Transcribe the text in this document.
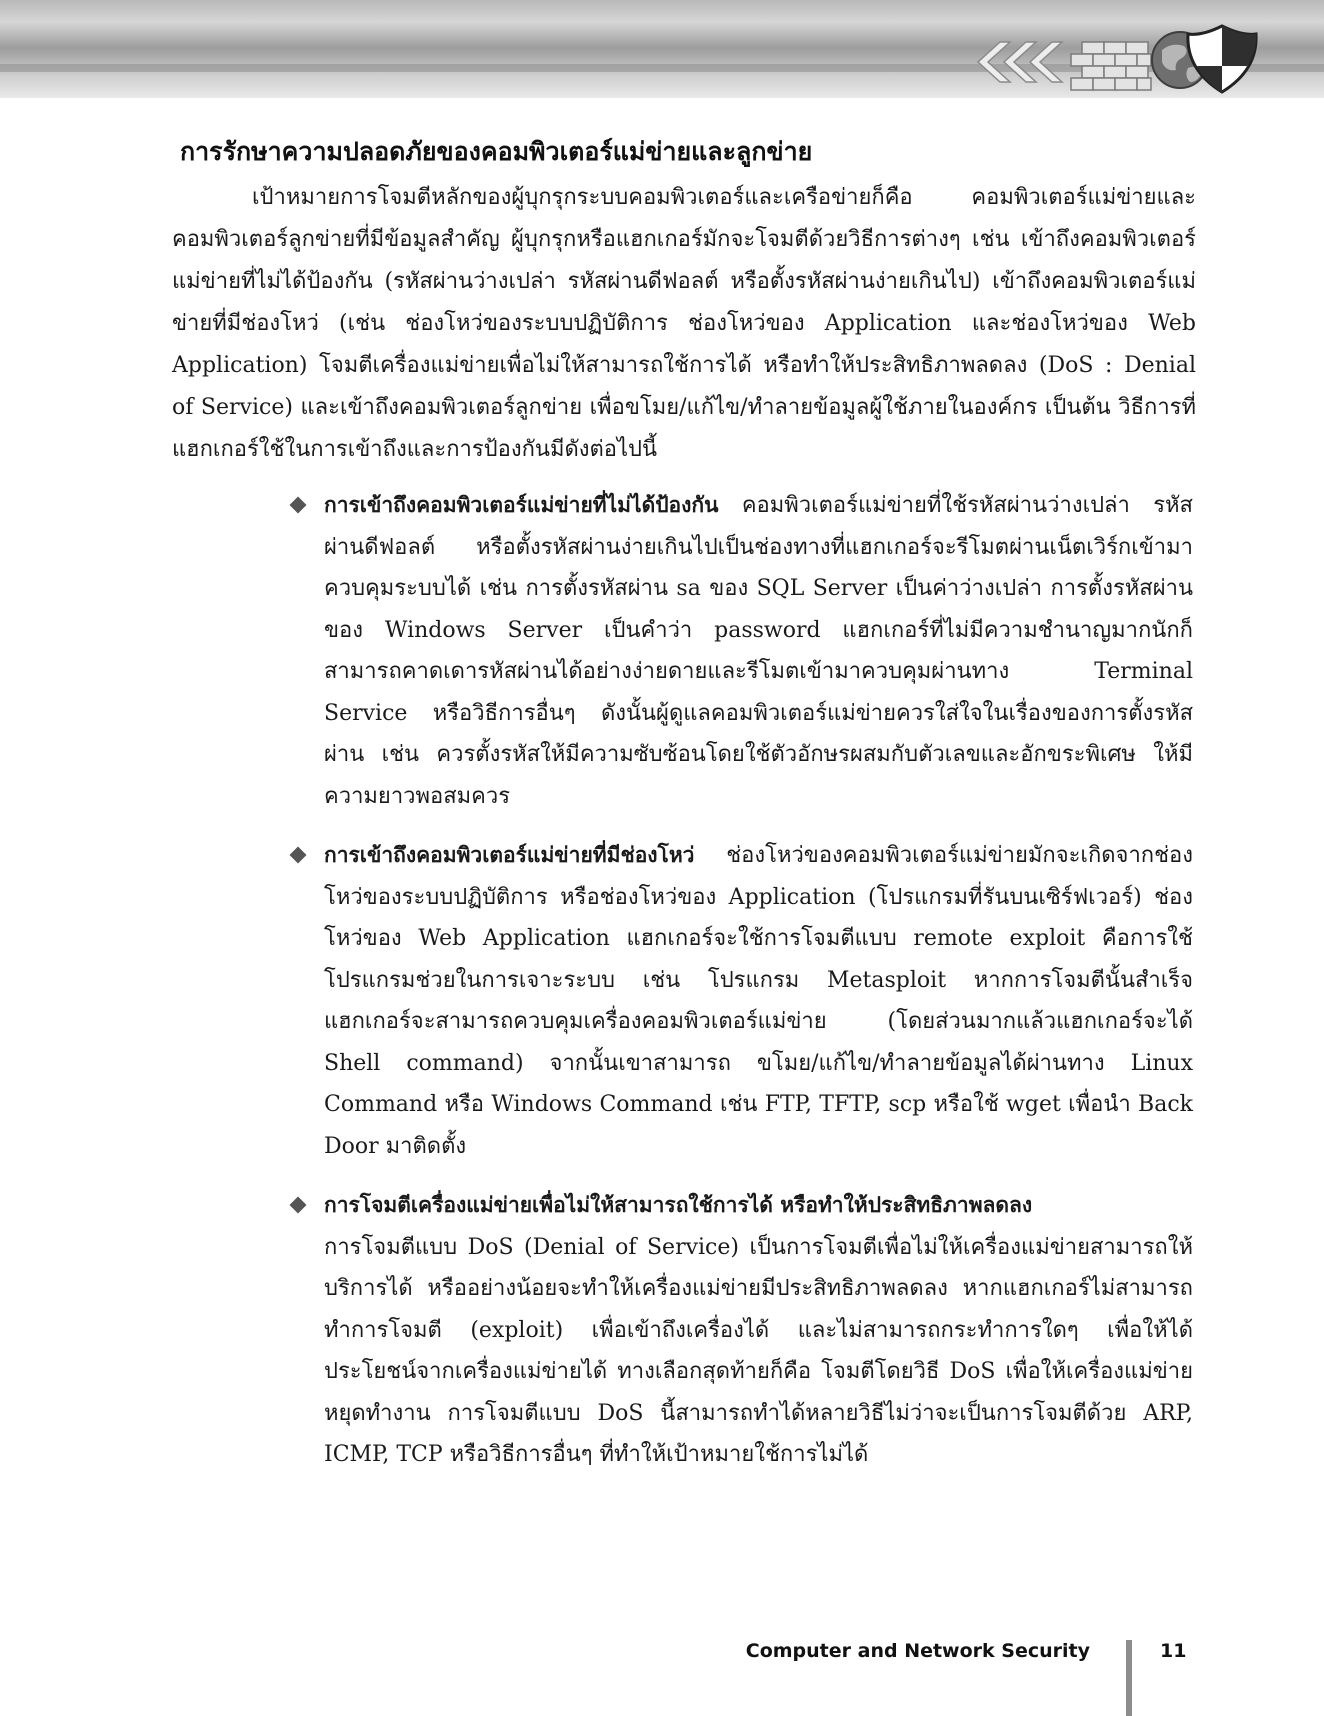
การรักษาความปลอดภัยของคอมพิวเตอร์แม่ข่ายและลูกข่าย

เป้าหมายการโจมตีหลักของผู้บุกรุกระบบคอมพิวเตอร์และเครือข่ายก็คือ คอมพิวเตอร์แม่ข่ายและคอมพิวเตอร์ลูกข่ายที่มีข้อมูลสำคัญ ผู้บุกรุกหรือแฮกเกอร์มักจะโจมตีด้วยวิธีการต่างๆ เช่น เข้าถึงคอมพิวเตอร์แม่ข่ายที่ไม่ได้ป้องกัน (รหัสผ่านว่างเปล่า รหัสผ่านดีฟอลต์ หรือตั้งรหัสผ่านง่ายเกินไป) เข้าถึงคอมพิวเตอร์แม่ข่ายที่มีช่องโหว่ (เช่น ช่องโหว่ของระบบปฏิบัติการ ช่องโหว่ของ Application และช่องโหว่ของ Web Application) โจมตีเครื่องแม่ข่ายเพื่อไม่ให้สามารถใช้การได้ หรือทำให้ประสิทธิภาพลดลง (DoS : Denial of Service) และเข้าถึงคอมพิวเตอร์ลูกข่าย เพื่อขโมย/แก้ไข/ทำลายข้อมูลผู้ใช้ภายในองค์กร เป็นต้น วิธีการที่แฮกเกอร์ใช้ในการเข้าถึงและการป้องกันมีดังต่อไปนี้

การเข้าถึงคอมพิวเตอร์แม่ข่ายที่ไม่ได้ป้องกัน คอมพิวเตอร์แม่ข่ายที่ใช้รหัสผ่านว่างเปล่า รหัสผ่านดีฟอลต์ หรือตั้งรหัสผ่านง่ายเกินไปเป็นช่องทางที่แฮกเกอร์จะรีโมตผ่านเน็ตเวิร์กเข้ามาควบคุมระบบได้ เช่น การตั้งรหัสผ่าน sa ของ SQL Server เป็นค่าว่างเปล่า การตั้งรหัสผ่านของ Windows Server เป็นคำว่า password แฮกเกอร์ที่ไม่มีความชำนาญมากนักก็สามารถคาดเดารหัสผ่านได้อย่างง่ายดายและรีโมตเข้ามาควบคุมผ่านทาง Terminal Service หรือวิธีการอื่นๆ ดังนั้นผู้ดูแลคอมพิวเตอร์แม่ข่ายควรใส่ใจในเรื่องของการตั้งรหัสผ่าน เช่น ควรตั้งรหัสให้มีความซับซ้อนโดยใช้ตัวอักษรผสมกับตัวเลขและอักขระพิเศษ ให้มีความยาวพอสมควร
การเข้าถึงคอมพิวเตอร์แม่ข่ายที่มีช่องโหว่ ช่องโหว่ของคอมพิวเตอร์แม่ข่ายมักจะเกิดจากช่องโหว่ของระบบปฏิบัติการ หรือช่องโหว่ของ Application (โปรแกรมที่รันบนเซิร์ฟเวอร์) ช่องโหว่ของ Web Application แฮกเกอร์จะใช้การโจมตีแบบ remote exploit คือการใช้โปรแกรมช่วยในการเจาะระบบ เช่น โปรแกรม Metasploit หากการโจมตีนั้นสำเร็จแฮกเกอร์จะสามารถควบคุมเครื่องคอมพิวเตอร์แม่ข่าย (โดยส่วนมากแล้วแฮกเกอร์จะได้ Shell command) จากนั้นเขาสามารถ ขโมย/แก้ไข/ทำลายข้อมูลได้ผ่านทาง Linux Command หรือ Windows Command เช่น FTP, TFTP, scp หรือใช้ wget เพื่อนำ Back Door มาติดตั้ง
การโจมตีเครื่องแม่ข่ายเพื่อไม่ให้สามารถใช้การได้ หรือทำให้ประสิทธิภาพลดลง
การโจมตีแบบ DoS (Denial of Service) เป็นการโจมตีเพื่อไม่ให้เครื่องแม่ข่ายสามารถให้บริการได้ หรืออย่างน้อยจะทำให้เครื่องแม่ข่ายมีประสิทธิภาพลดลง หากแฮกเกอร์ไม่สามารถทำการโจมตี (exploit) เพื่อเข้าถึงเครื่องได้ และไม่สามารถกระทำการใดๆ เพื่อให้ได้ประโยชน์จากเครื่องแม่ข่ายได้ ทางเลือกสุดท้ายก็คือ โจมตีโดยวิธี DoS เพื่อให้เครื่องแม่ข่ายหยุดทำงาน การโจมตีแบบ DoS นี้สามารถทำได้หลายวิธีไม่ว่าจะเป็นการโจมตีด้วย ARP, ICMP, TCP หรือวิธีการอื่นๆ ที่ทำให้เป้าหมายใช้การไม่ได้
Computer and Network Security	11
